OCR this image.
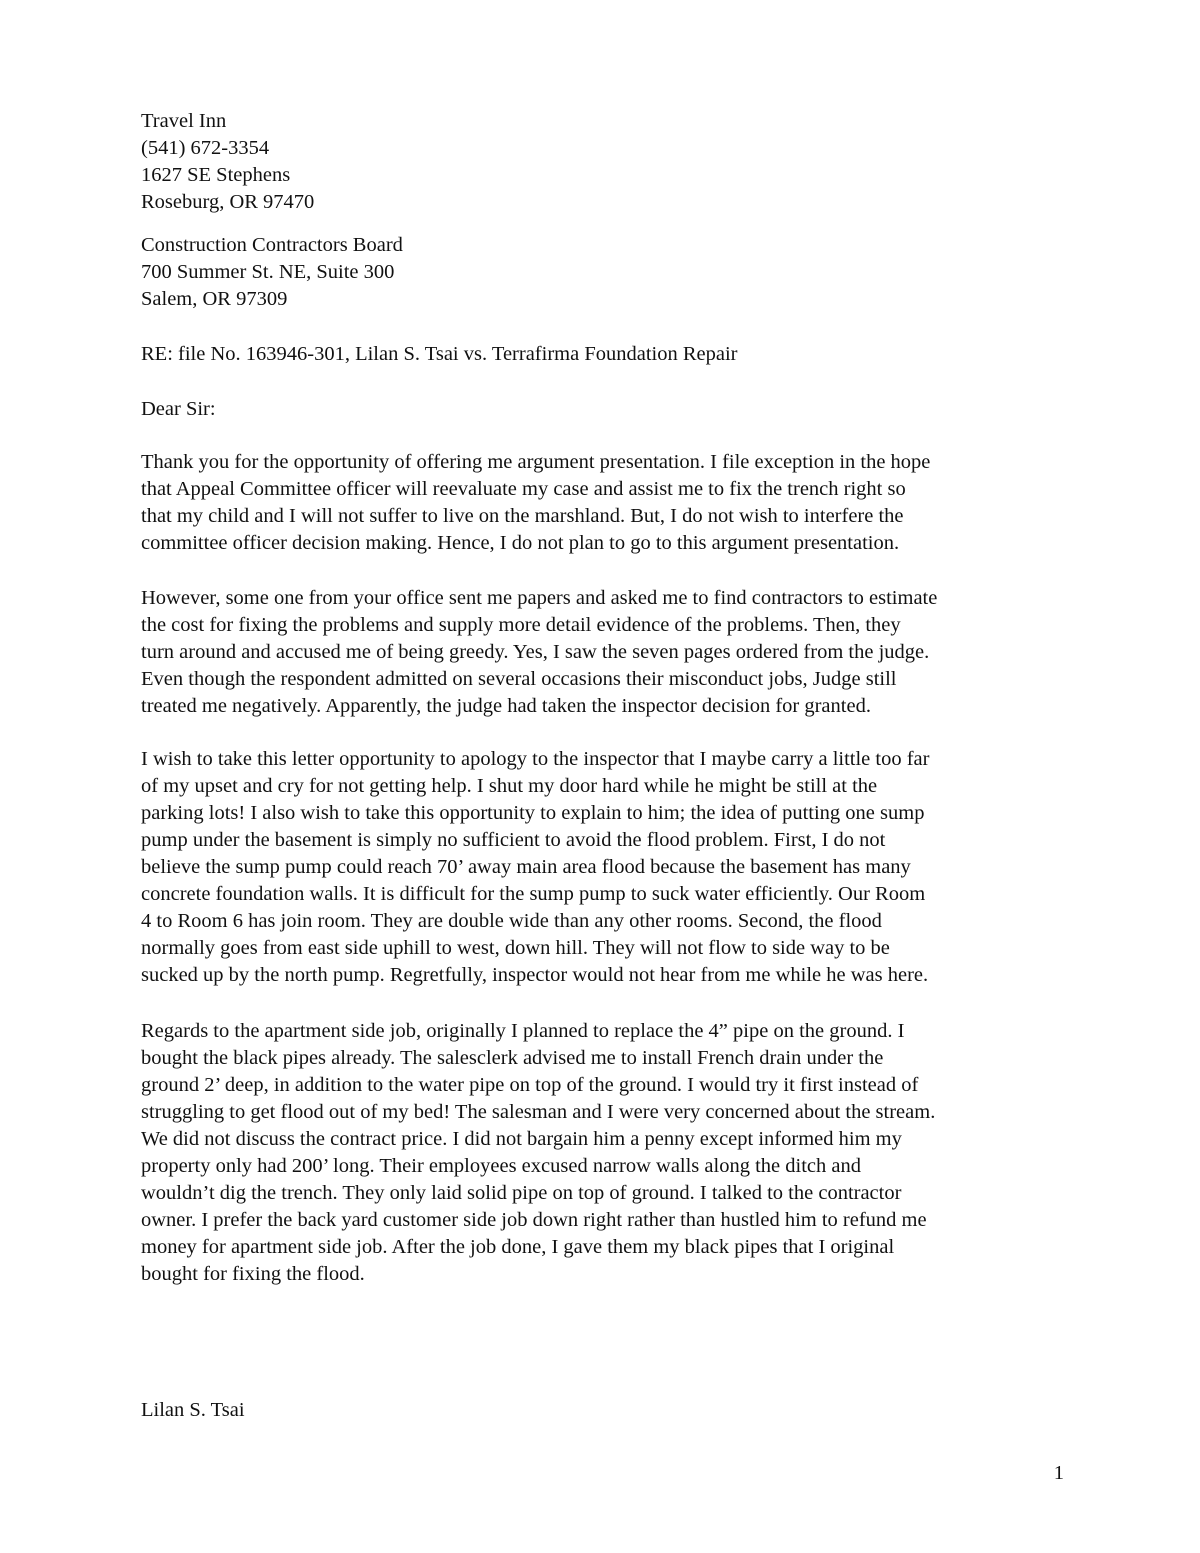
Travel Inn
(541) 672-3354
1627 SE Stephens
Roseburg, OR 97470
Construction Contractors Board
700 Summer St. NE, Suite 300
Salem, OR 97309
RE: file No. 163946-301, Lilan S. Tsai vs. Terrafirma Foundation Repair
Dear Sir:
Thank you for the opportunity of offering me argument presentation. I file exception in the hope
that Appeal Committee officer will reevaluate my case and assist me to fix the trench right so
that my child and I will not suffer to live on the marshland. But, I do not wish to interfere the
committee officer decision making. Hence, I do not plan to go to this argument presentation.
However, some one from your office sent me papers and asked me to find contractors to estimate
the cost for fixing the problems and supply more detail evidence of the problems. Then, they
turn around and accused me of being greedy. Yes, I saw the seven pages ordered from the judge.
Even though the respondent admitted on several occasions their misconduct jobs, Judge still
treated me negatively. Apparently, the judge had taken the inspector decision for granted.
I wish to take this letter opportunity to apology to the inspector that I maybe carry a little too far
of my upset and cry for not getting help. I shut my door hard while he might be still at the
parking lots! I also wish to take this opportunity to explain to him; the idea of putting one sump
pump under the basement is simply no sufficient to avoid the flood problem. First, I do not
believe the sump pump could reach 70’ away main area flood because the basement has many
concrete foundation walls. It is difficult for the sump pump to suck water efficiently. Our Room
4 to Room 6 has join room. They are double wide than any other rooms. Second, the flood
normally goes from east side uphill to west, down hill. They will not flow to side way to be
sucked up by the north pump. Regretfully, inspector would not hear from me while he was here.
Regards to the apartment side job, originally I planned to replace the 4” pipe on the ground. I
bought the black pipes already. The salesclerk advised me to install French drain under the
ground 2’ deep, in addition to the water pipe on top of the ground. I would try it first instead of
struggling to get flood out of my bed! The salesman and I were very concerned about the stream.
We did not discuss the contract price. I did not bargain him a penny except informed him my
property only had 200’ long. Their employees excused narrow walls along the ditch and
wouldn’t dig the trench. They only laid solid pipe on top of ground. I talked to the contractor
owner. I prefer the back yard customer side job down right rather than hustled him to refund me
money for apartment side job. After the job done, I gave them my black pipes that I original
bought for fixing the flood.
Lilan S. Tsai
1
